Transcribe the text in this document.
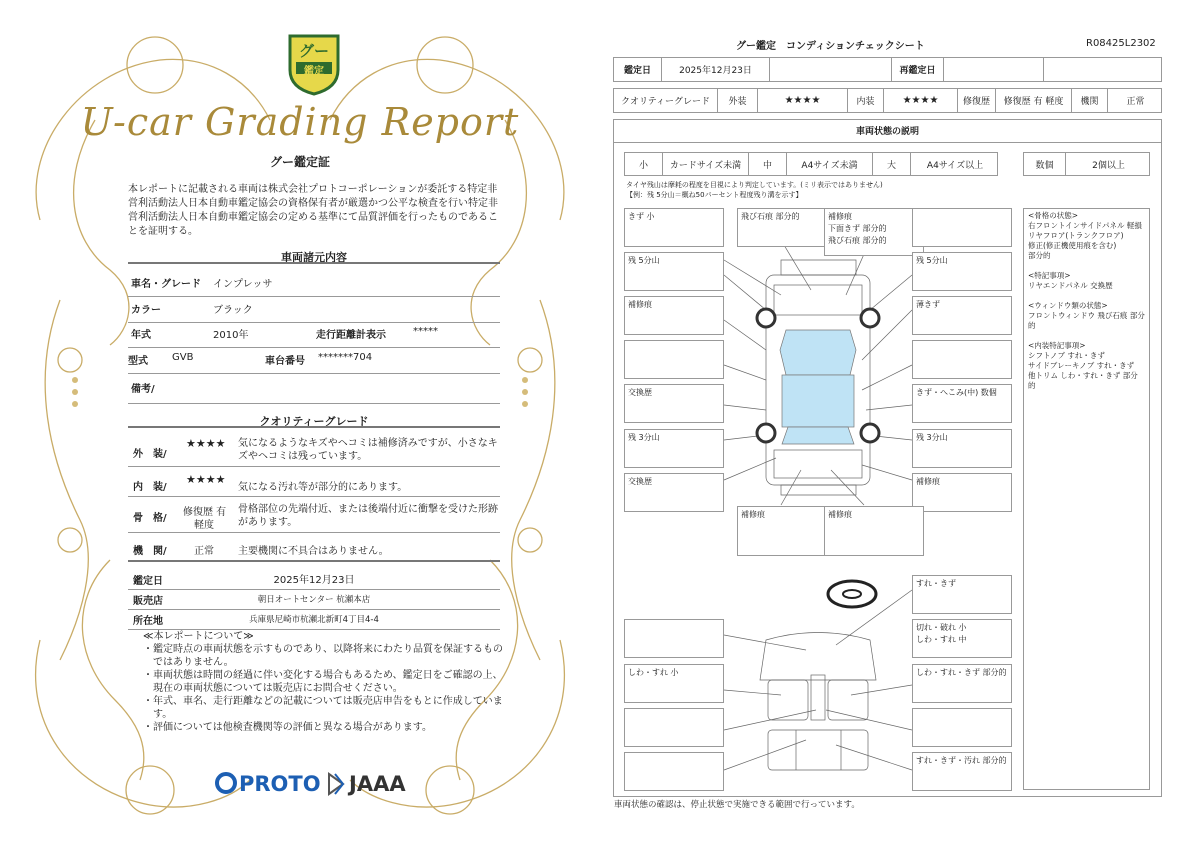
グー
鑑定
U-car Grading Report
グー鑑定証
本レポートに記載される車両は株式会社プロトコーポレーションが委託する特定非営利活動法人日本自動車鑑定協会の資格保有者が厳選かつ公平な検査を行い特定非営利活動法人日本自動車鑑定協会の定める基準にて品質評価を行ったものであることを証明する。
車両諸元内容
車名・グレード インプレッサ
カラー	ブラック
年式	2010年	走行距離計表示	*****
型式 GVB	車台番号 *******704
備考/
クオリティーグレード
外　装/
★★★★ 気になるようなキズやヘコミは補修済みですが、小さなキズやヘコミは残っています。
内　装/
★★★★
気になる汚れ等が部分的にあります。
骨　格/
修復歴 有
軽度
骨格部位の先端付近、または後端付近に衝撃を受けた形跡があります。
機　関/	正常 主要機関に不具合はありません。
鑑定日	2025年12月23日
販売店	朝日オートセンター 杭瀬本店
所在地	兵庫県尼崎市杭瀬北新町4丁目4-4
≪本レポートについて≫
・ 鑑定時点の車両状態を示すものであり、以降将来にわたり品質を保証するものではありません。
・ 車両状態は時間の経過に伴い変化する場合もあるため、鑑定日をご確認の上、現在の車両状態については販売店にお問合せください。
・ 年式、車名、走行距離などの記載については販売店申告をもとに作成しています。
・ 評価については他検査機関等の評価と異なる場合があります。
PROTO JAAA
グー鑑定　コンディションチェックシート	R08425L2302
鑑定日	2025年12月23日	再鑑定日
クオリティーグレード	外装	★★★★	内装	★★★★	修復歴	修復歴 有 軽度	機関	正常
車両状態の説明
小	カードサイズ未満	中	A4サイズ未満	大	A4サイズ以上	数個	2個以上
タイヤ残山は摩耗の程度を目視により判定しています。(ミリ表示ではありません)
【例：残 5分山＝概ね50パーセント程度残り溝を示す】
きず 小	飛び石痕 部分的	補修痕
下面きず 部分的
飛び石痕 部分的
残 5分山	残 5分山
補修痕	薄きず
交換歴	きず・へこみ(中) 数個
残 3分山	残 3分山
交換歴	補修痕
補修痕	補修痕
すれ・きず
切れ・破れ 小
しわ・すれ 中
しわ・すれ 小	しわ・すれ・きず 部分的
すれ・きず・汚れ 部分的
<骨格の状態>
右フロントインサイドパネル 軽損
リヤフロア(トランクフロア)
修正(修正機使用痕を含む)
部分的
<特記事項>
リヤエンドパネル 交換歴
<ウィンドウ類の状態>
フロントウィンドウ 飛び石痕 部分的
<内装特記事項>
シフトノブ すれ・きず
サイドブレーキノブ すれ・きず
他トリム しわ・すれ・きず 部分的
車両状態の確認は、停止状態で実施できる範囲で行っています。
